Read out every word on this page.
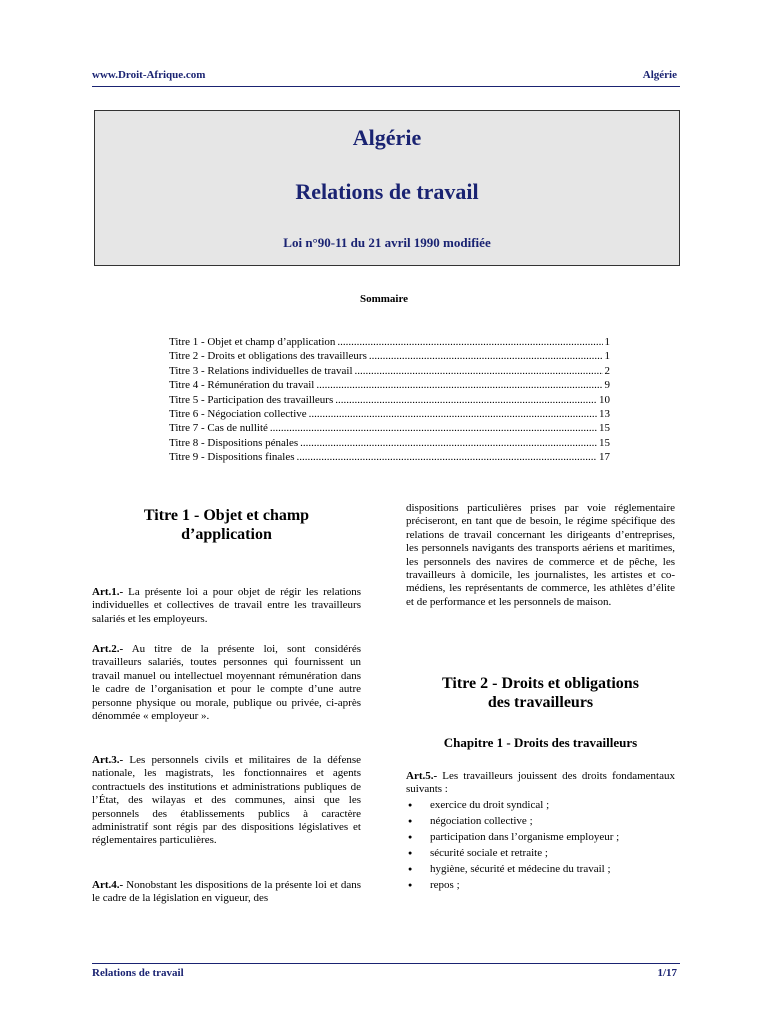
www.Droit-Afrique.com	Algérie
Algérie
Relations de travail
Loi n°90-11 du 21 avril 1990 modifiée
Sommaire
Titre 1 - Objet et champ d’application .....	1
Titre 2 - Droits et obligations des travailleurs .....	1
Titre 3 - Relations individuelles de travail .....	2
Titre 4 - Rémunération du travail .....	9
Titre 5 - Participation des travailleurs .....	10
Titre 6 - Négociation collective .....	13
Titre 7 - Cas de nullité .....	15
Titre 8 - Dispositions pénales .....	15
Titre 9 - Dispositions finales .....	17
Titre 1 - Objet et champ
d’application
Art.1.- La présente loi a pour objet de régir les relations individuelles et collectives de travail entre les travailleurs salariés et les employeurs.
Art.2.- Au titre de la présente loi, sont considérés travailleurs salariés, toutes personnes qui fournissent un travail manuel ou intellectuel moyennant rémunération dans le cadre de l’organisation et pour le compte d’une autre personne physique ou morale, publique ou privée, ci-après dénommée « employeur ».
Art.3.- Les personnels civils et militaires de la défense nationale, les magistrats, les fonctionnaires et agents contractuels des institutions et administrations publiques de l’État, des wilayas et des communes, ainsi que les personnels des établissements publics à caractère administratif sont régis par des dispositions législatives et réglementaires particulières.
Art.4.- Nonobstant les dispositions de la présente loi et dans le cadre de la législation en vigueur, des
dispositions particulières prises par voie réglementaire préciseront, en tant que de besoin, le régime spécifique des relations de travail concernant les dirigeants d’entreprises, les personnels navigants des transports aériens et maritimes, les personnels des navires de commerce et de pêche, les travailleurs à domicile, les journalistes, les artistes et comédiens, les représentants de commerce, les athlètes d’élite et de performance et les personnels de maison.
Titre 2 - Droits et obligations
des travailleurs
Chapitre 1 - Droits des travailleurs
Art.5.- Les travailleurs jouissent des droits fondamentaux suivants :
● exercice du droit syndical ;
● négociation collective ;
● participation dans l’organisme employeur ;
● sécurité sociale et retraite ;
● hygiène, sécurité et médecine du travail ;
● repos ;
Relations de travail	1/17
